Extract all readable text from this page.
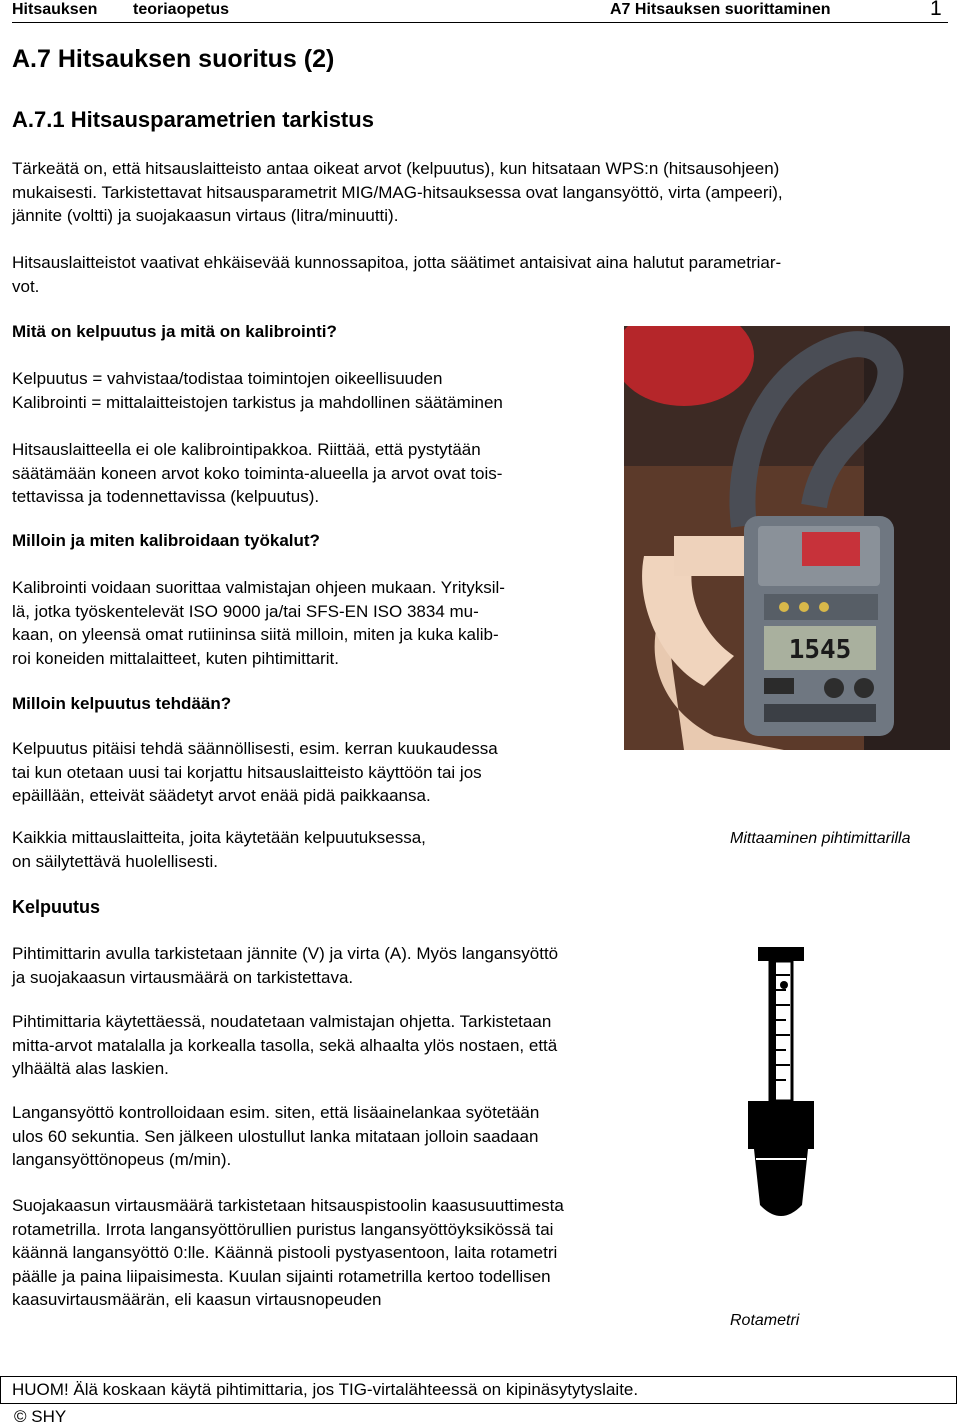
Hitsauksen teoriaopetus	A7 Hitsauksen suorittaminen	1
A.7 Hitsauksen suoritus (2)
A.7.1 Hitsausparametrien tarkistus
Tärkeätä on, että hitsauslaitteisto antaa oikeat arvot (kelpuutus), kun hitsataan WPS:n (hitsausohjeen)
mukaisesti. Tarkistettavat hitsausparametrit MIG/MAG-hitsauksessa ovat langansyöttö, virta (ampeeri),
jännite (voltti) ja suojakaasun virtaus (litra/minuutti).
Hitsauslaitteistot vaativat ehkäisevää kunnossapitoa, jotta säätimet antaisivat aina halutut parametriar-
vot.
Mitä on kelpuutus ja mitä on kalibrointi?
Kelpuutus = vahvistaa/todistaa toimintojen oikeellisuuden
Kalibrointi = mittalaitteistojen tarkistus ja mahdollinen säätäminen
Hitsauslaitteella ei ole kalibrointipakkoa. Riittää, että pystytään
säätämään koneen arvot koko toiminta-alueella ja arvot ovat tois-
tettavissa ja todennettavissa (kelpuutus).
Milloin ja miten kalibroidaan työkalut?
Kalibrointi voidaan suorittaa valmistajan ohjeen mukaan. Yrityksil-
lä, jotka työskentelevät ISO 9000 ja/tai SFS-EN ISO 3834 mu-
kaan, on yleensä omat rutiininsa siitä milloin, miten ja kuka kalib-
roi koneiden mittalaitteet, kuten pihtimittarit.
Milloin kelpuutus tehdään?
Kelpuutus pitäisi tehdä säännöllisesti, esim. kerran kuukaudessa
tai kun otetaan uusi tai korjattu hitsauslaitteisto käyttöön tai jos
epäillään, etteivät säädetyt arvot enää pidä paikkaansa.
Kaikkia mittauslaitteita, joita käytetään kelpuutuksessa,
on säilytettävä huolellisesti.
1545
Mittaaminen pihtimittarilla
Kelpuutus
Pihtimittarin avulla tarkistetaan jännite (V) ja virta (A). Myös langansyöttö
ja suojakaasun virtausmäärä on tarkistettava.
Pihtimittaria käytettäessä, noudatetaan valmistajan ohjetta. Tarkistetaan
mitta-arvot matalalla ja korkealla tasolla, sekä alhaalta ylös nostaen, että
ylhäältä alas laskien.
Langansyöttö kontrolloidaan esim. siten, että lisäainelankaa syötetään
ulos 60 sekuntia. Sen jälkeen ulostullut lanka mitataan jolloin saadaan
langansyöttönopeus (m/min).
Suojakaasun virtausmäärä tarkistetaan hitsauspistoolin kaasusuuttimesta
rotametrilla. Irrota langansyöttörullien puristus langansyöttöyksikössä tai
käännä langansyöttö 0:lle. Käännä pistooli pystyasentoon, laita rotametri
päälle ja paina liipaisimesta. Kuulan sijainti rotametrilla kertoo todellisen
kaasuvirtausmäärän, eli kaasun virtausnopeuden
Rotametri
HUOM! Älä koskaan käytä pihtimittaria, jos TIG-virtalähteessä on kipinäsytytyslaite.
© SHY
